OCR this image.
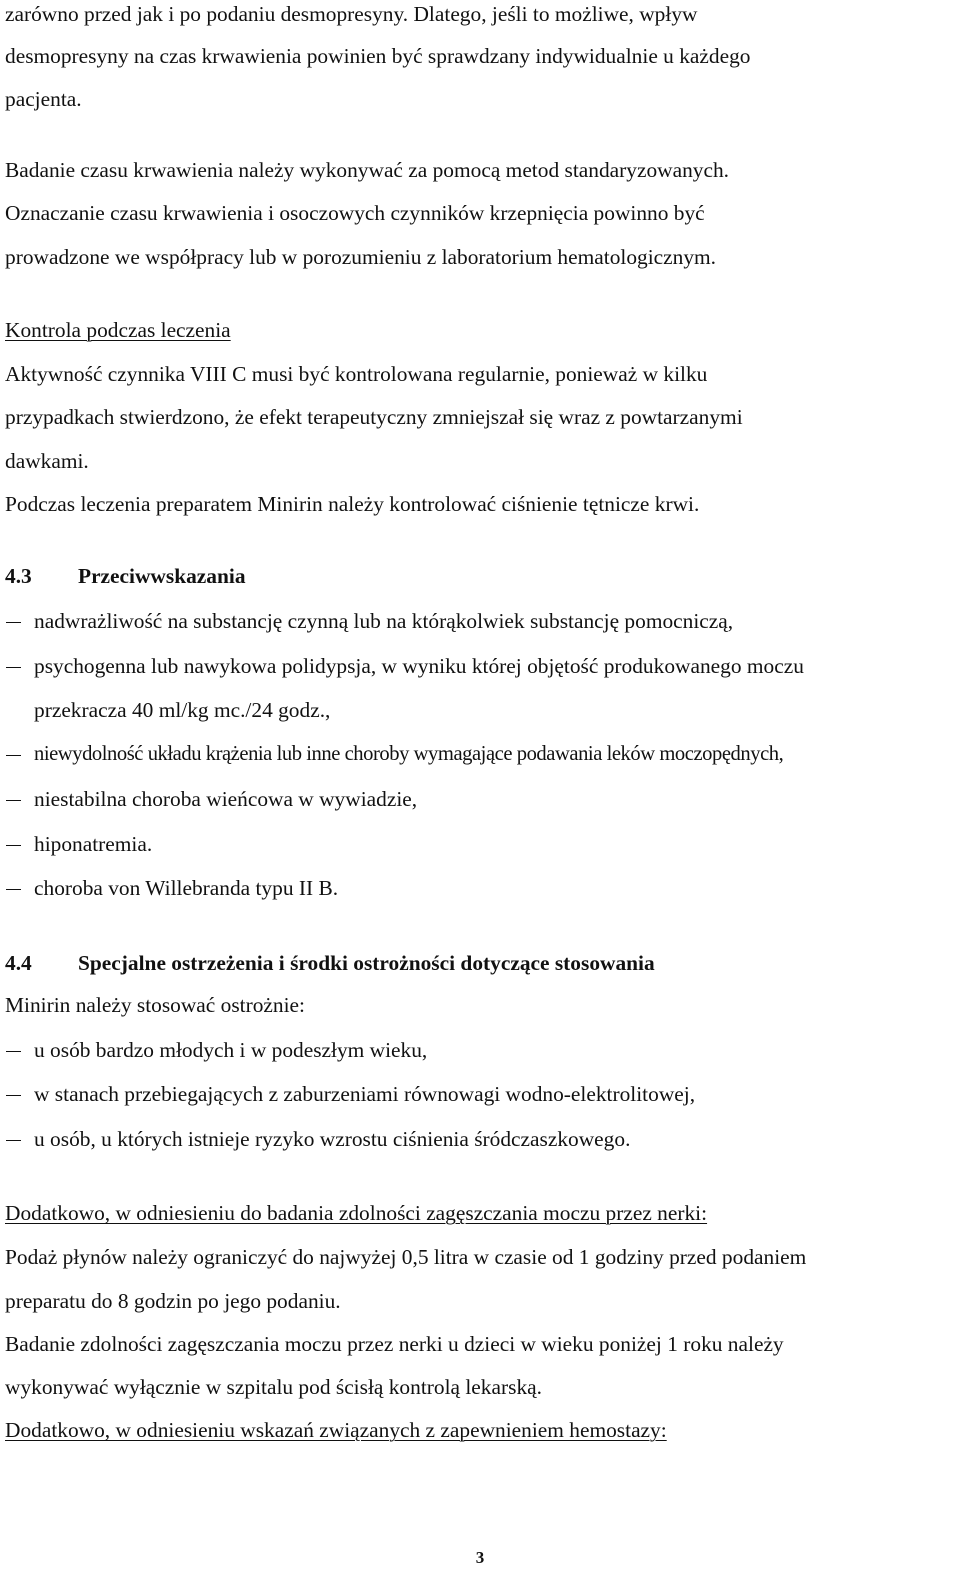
zarówno przed jak i po podaniu desmopresyny. Dlatego, jeśli to możliwe, wpływ
desmopresyny na czas krwawienia powinien być sprawdzany indywidualnie u każdego
pacjenta.
Badanie czasu krwawienia należy wykonywać za pomocą metod standaryzowanych.
Oznaczanie czasu krwawienia i osoczowych czynników krzepnięcia powinno być
prowadzone we współpracy lub w porozumieniu z laboratorium hematologicznym.
Kontrola podczas leczenia
Aktywność czynnika VIII C musi być kontrolowana regularnie, ponieważ w kilku
przypadkach stwierdzono, że efekt terapeutyczny zmniejszał się wraz z powtarzanymi
dawkami.
Podczas leczenia preparatem Minirin należy kontrolować ciśnienie tętnicze krwi.
4.3 Przeciwwskazania
nadwrażliwość na substancję czynną lub na którąkolwiek substancję pomocniczą,
psychogenna lub nawykowa polidypsja, w wyniku której objętość produkowanego moczu
przekracza 40 ml/kg mc./24 godz.,
niewydolność układu krążenia lub inne choroby wymagające podawania leków moczopędnych,
niestabilna choroba wieńcowa w wywiadzie,
hiponatremia.
choroba von Willebranda typu II B.
4.4 Specjalne ostrzeżenia i środki ostrożności dotyczące stosowania
Minirin należy stosować ostrożnie:
u osób bardzo młodych i w podeszłym wieku,
w stanach przebiegających z zaburzeniami równowagi wodno-elektrolitowej,
u osób, u których istnieje ryzyko wzrostu ciśnienia śródczaszkowego.
Dodatkowo, w odniesieniu do badania zdolności zagęszczania moczu przez nerki:
Podaż płynów należy ograniczyć do najwyżej 0,5 litra w czasie od 1 godziny przed podaniem
preparatu do 8 godzin po jego podaniu.
Badanie zdolności zagęszczania moczu przez nerki u dzieci w wieku poniżej 1 roku należy
wykonywać wyłącznie w szpitalu pod ścisłą kontrolą lekarską.
Dodatkowo, w odniesieniu wskazań związanych z zapewnieniem hemostazy:
3
